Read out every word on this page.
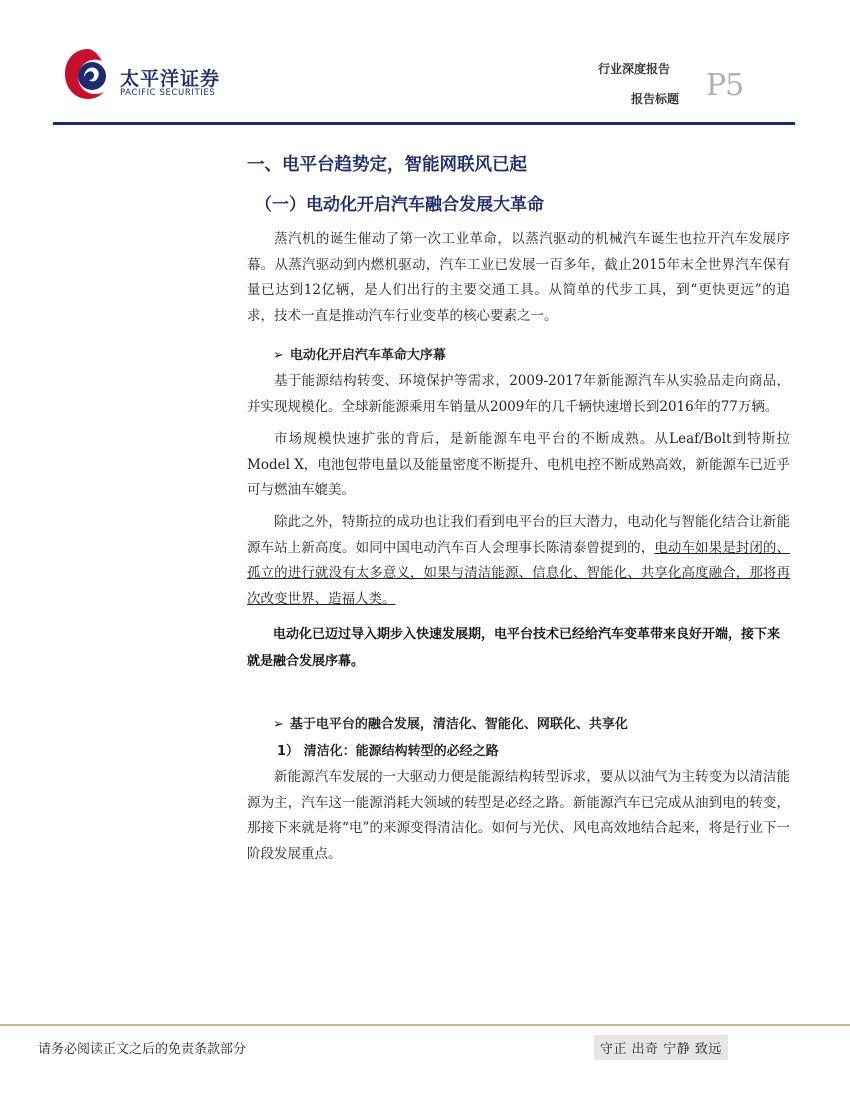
太平洋证券
PACIFIC SECURITIES
行业深度报告
报告标题 P5
一、电平台趋势定，智能网联风已起
（一）电动化开启汽车融合发展大革命

蒸汽机的诞生催动了第一次工业革命，以蒸汽驱动的机械汽车诞生也拉开汽车发展序幕。从蒸汽驱动到内燃机驱动，汽车工业已发展一百多年，截止2015年末全世界汽车保有量已达到12亿辆，是人们出行的主要交通工具。从简单的代步工具，到“更快更远”的追求，技术一直是推动汽车行业变革的核心要素之一。

➢ 电动化开启汽车革命大序幕

基于能源结构转变、环境保护等需求，2009-2017年新能源汽车从实验品走向商品，并实现规模化。全球新能源乘用车销量从2009年的几千辆快速增长到2016年的77万辆。

市场规模快速扩张的背后，是新能源车电平台的不断成熟。从Leaf/Bolt到特斯拉Model X，电池包带电量以及能量密度不断提升、电机电控不断成熟高效，新能源车已近乎可与燃油车媲美。

除此之外，特斯拉的成功也让我们看到电平台的巨大潜力，电动化与智能化结合让新能源车站上新高度。如同中国电动汽车百人会理事长陈清泰曾提到的，电动车如果是封闭的、孤立的进行就没有太多意义，如果与清洁能源、信息化、智能化、共享化高度融合，那将再次改变世界、造福人类。

电动化已迈过导入期步入快速发展期，电平台技术已经给汽车变革带来良好开端，接下来就是融合发展序幕。

➢ 基于电平台的融合发展，清洁化、智能化、网联化、共享化
1） 清洁化：能源结构转型的必经之路

新能源汽车发展的一大驱动力便是能源结构转型诉求，要从以油气为主转变为以清洁能源为主，汽车这一能源消耗大领域的转型是必经之路。新能源汽车已完成从油到电的转变，那接下来就是将“电”的来源变得清洁化。如何与光伏、风电高效地结合起来，将是行业下一阶段发展重点。

请务必阅读正文之后的免责条款部分	守正 出奇 宁静 致远
